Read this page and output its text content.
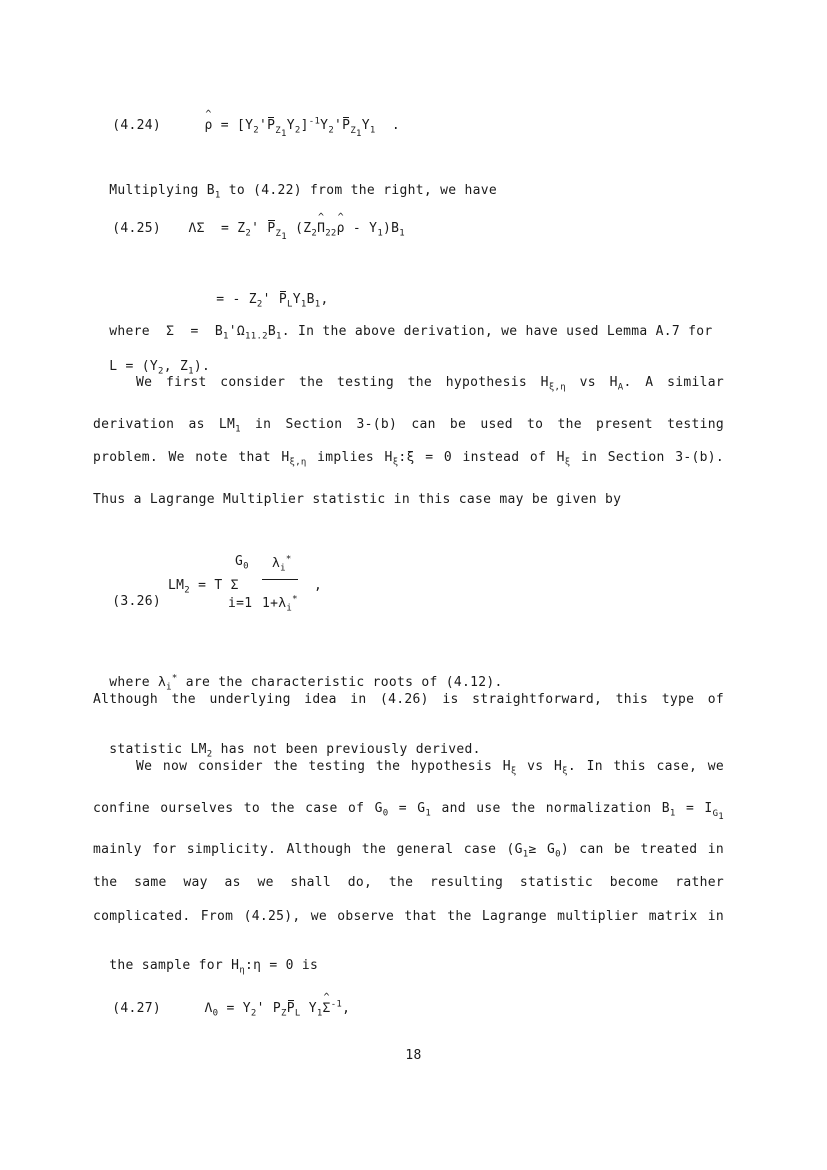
(4.24)

^	$\rho = [Y_2'P_{Z_1}Y_2]^{-1}Y_2'P_{Z_1}Y_1$  .

Multiplying $B_1$ to (4.22) from the right, we have

(4.25)

$\Lambda\Sigma = Z_2'$ $P_{Z_1}$ ($Z_2\^{}$ $\Pi_{22}\^{}$ ρ - $Y_1)B_1$

= - $Z_2'$ $P_LY_1B_1$,

where  $\Sigma = B_1'\Omega_{11.2}B_1$. In the above derivation, we have used Lemma A.7 for

$L = (Y_2$, $Z_1$).

We first consider the testing the hypothesis $H_{\xi,\eta}$ vs $H_A$. A similar
derivation as $LM_1$ in Section 3-(b) can be used to the present testing
problem. We note that $H_{\xi,\eta}$ implies $H_\xi:\xi = 0$ instead of $H_\xi$ in Section 3-(b).
Thus a Lagrange Multiplier statistic in this case may be given by

(3.26)

$LM_2 = T$ Σ
$G_0$
i=1
$\lambda_i^*$
$1+\lambda_i^*$
,

where $\lambda_i^*$ are the characteristic roots of (4.12).

Although the underlying idea in (4.26) is straightforward, this type of

statistic $LM_2$ has not been previously derived.

We now consider the testing the hypothesis $H_\xi$ vs $H_\xi$. In this case, we
confine ourselves to the case of $G_0 = G_1$ and use the normalization $B_1 = I_{G_1}$
mainly for simplicity. Although the general case $(G_1\ge G_0)$ can be treated in
the same way as we shall do, the resulting statistic become rather
complicated. From (4.25), we observe that the Lagrange multiplier matrix in

the sample for $H_\eta:\eta = 0$ is

(4.27)

$\Lambda_0 = Y_2'$ $P_ZP_L$ $Y_1\^{}$ $\Sigma^{-1}$,

18
